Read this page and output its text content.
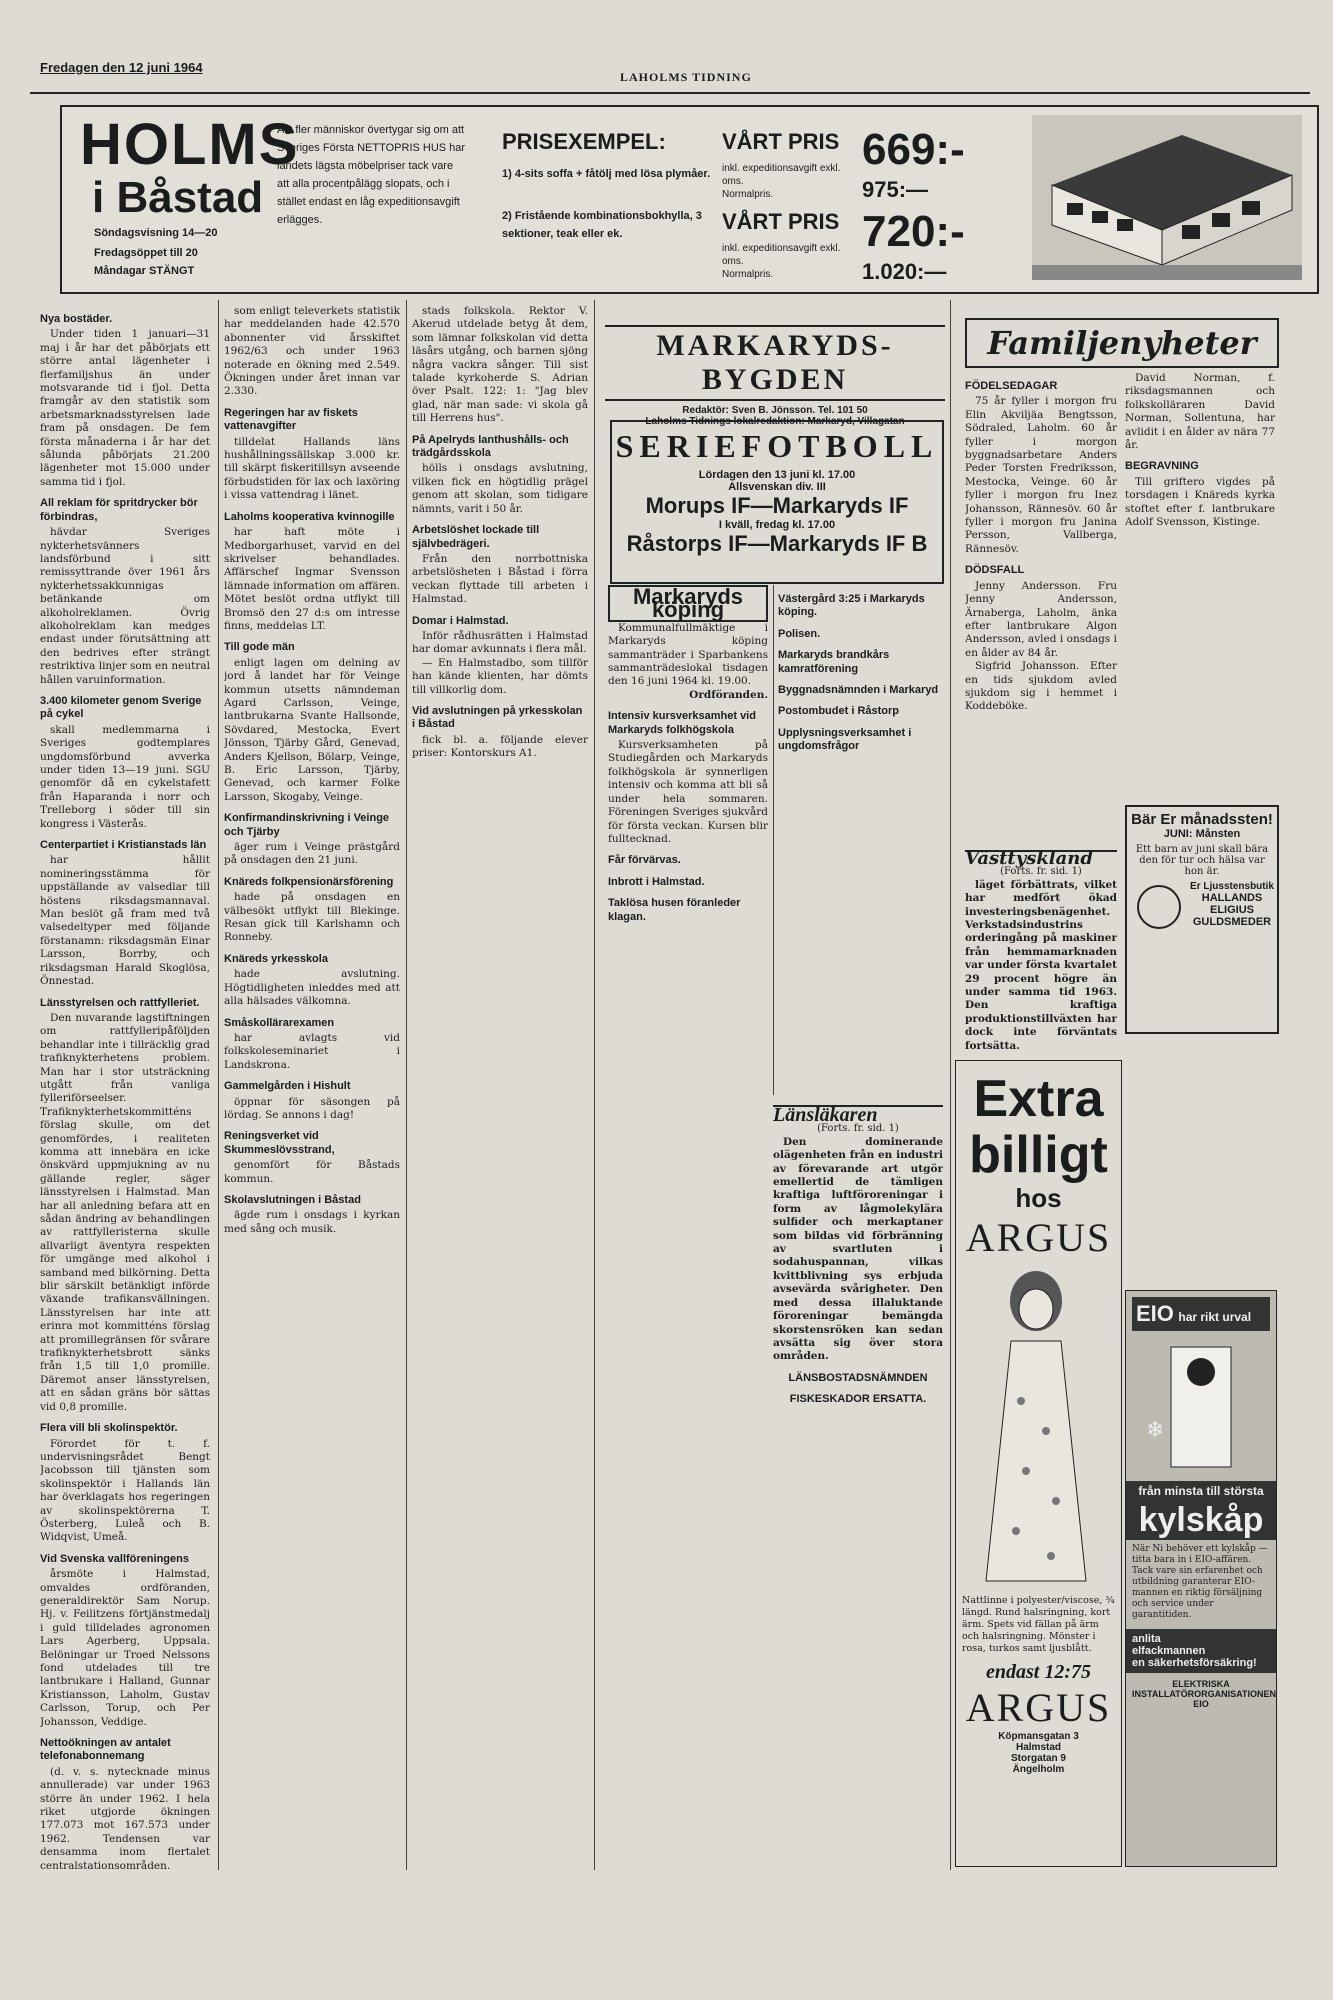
Fredagen den 12 juni 1964
LAHOLMS TIDNING
HOLMS
i Båstad
Söndagsvisning 14—20
Fredagsöppet till 20
Måndagar STÄNGT
Allt fler människor övertygar sig om att Sveriges Första NETTOPRIS HUS har landets lägsta möbelpriser tack vare att alla procentpålägg slopats, och i stället endast en låg expeditionsavgift erlägges.
PRISEXEMPEL:
1) 4-sits soffa + fåtölj med lösa plymåer.
2) Fristående kombinationsbokhylla, 3 sektioner, teak eller ek.
VÅRT PRIS
inkl. expeditionsavgift exkl. oms.
Normalpris.
VÅRT PRIS
inkl. expeditionsavgift exkl. oms.
Normalpris.
669:-
975:—
720:-
1.020:—
Nya bostäder.

Under tiden 1 januari—31 maj i år har det påbörjats ett större antal lägenheter i flerfamiljshus än under motsvarande tid i fjol. Detta framgår av den statistik som arbetsmarknadsstyrelsen lade fram på onsdagen. De fem första månaderna i år har det sålunda påbörjats 21.200 lägenheter mot 15.000 under samma tid i fjol.

All reklam för spritdrycker bör förbindras,

hävdar Sveriges nykterhetsvänners landsförbund i sitt remissyttrande över 1961 års nykterhetssakkunnigas betänkande om alkoholreklamen. Övrig alkoholreklam kan medges endast under förutsättning att den bedrives efter strängt restriktiva linjer som en neutral hållen varuinformation.

3.400 kilometer genom Sverige på cykel

skall medlemmarna i Sveriges godtemplares ungdomsförbund avverka under tiden 13—19 juni. SGU genomför då en cykelstafett från Haparanda i norr och Trelleborg i söder till sin kongress i Västerås.

Centerpartiet i Kristianstads län

har hållit nomineringsstämma för uppställande av valsedlar till höstens riksdagsmannaval. Man beslöt gå fram med två valsedeltyper med följande förstanamn: riksdagsmän Einar Larsson, Borrby, och riksdagsman Harald Skoglösa, Önnestad.

Länsstyrelsen och rattfylleriet.

Den nuvarande lagstiftningen om rattfylleripåföljden behandlar inte i tillräcklig grad trafiknykterhetens problem. Man har i stor utsträckning utgått från vanliga fylleriförseelser. Trafiknykterhetskommitténs förslag skulle, om det genomfördes, i realiteten komma att innebära en icke önskvärd uppmjukning av nu gällande regler, säger länsstyrelsen i Halmstad. Man har all anledning befara att en sådan ändring av behandlingen av rattfylleristerna skulle allvarligt äventyra respekten för umgänge med alkohol i samband med bilkörning. Detta blir särskilt betänkligt införde växande trafikansvällningen. Länsstyrelsen har inte att erinra mot kommitténs förslag att promillegränsen för svårare trafiknykterhetsbrott sänks från 1,5 till 1,0 promille. Däremot anser länsstyrelsen, att en sådan gräns bör sättas vid 0,8 promille.

Flera vill bli skolinspektör.

Förordet för t. f. undervisningsrådet Bengt Jacobsson till tjänsten som skolinspektör i Hallands län har överklagats hos regeringen av skolinspektörerna T. Österberg, Luleå och B. Widqvist, Umeå.

Vid Svenska vallföreningens

årsmöte i Halmstad, omvaldes ordföranden, generaldirektör Sam Norup. Hj. v. Feilitzens förtjänstmedalj i guld tilldelades agronomen Lars Agerberg, Uppsala. Belöningar ur Troed Nelssons fond utdelades till tre lantbrukare i Halland, Gunnar Kristiansson, Laholm, Gustav Carlsson, Torup, och Per Johansson, Veddige.

Nettoökningen av antalet telefonabonnemang

(d. v. s. nytecknade minus annullerade) var under 1963 större än under 1962. I hela riket utgjorde ökningen 177.073 mot 167.573 under 1962. Tendensen var densamma inom flertalet centralstationsområden.

som enligt televerkets statistik har meddelanden hade 42.570 abonnenter vid årsskiftet 1962/63 och under 1963 noterade en ökning med 2.549. Ökningen under året innan var 2.330.

Regeringen har av fiskets vattenavgifter

tilldelat Hallands läns hushållningssällskap 3.000 kr. till skärpt fiskeritillsyn avseende förbudstiden för lax och laxöring i vissa vattendrag i länet.

Laholms kooperativa kvinnogille

har haft möte i Medborgarhuset, varvid en del skrivelser behandlades. Affärschef Ingmar Svensson lämnade information om affären. Mötet beslöt ordna utflykt till Bromsö den 27 d:s om intresse finns, meddelas LT.

Till gode män

enligt lagen om delning av jord å landet har för Veinge kommun utsetts nämndeman Agard Carlsson, Veinge, lantbrukarna Svante Hallsonde, Sövdared, Mestocka, Evert Jönsson, Tjärby Gård, Genevad, Anders Kjellson, Bölarp, Veinge, B. Eric Larsson, Tjärby, Genevad, och karmer Folke Larsson, Skogaby, Veinge.

Konfirmandinskrivning i Veinge och Tjärby

äger rum i Veinge prästgård på onsdagen den 21 juni.

Knäreds folkpensionärsförening

hade på onsdagen en välbesökt utflykt till Blekinge. Resan gick till Karlshamn och Ronneby.

Knäreds yrkesskola

hade avslutning. Högtidligheten inleddes med att alla hälsades välkomna.

Småskollärarexamen

har avlagts vid folkskoleseminariet i Landskrona.

Gammelgården i Hishult

öppnar för säsongen på lördag. Se annons i dag!

Reningsverket vid Skummeslövsstrand,

genomfört för Båstads kommun.

Skolavslutningen i Båstad

ägde rum i onsdags i kyrkan med sång och musik.

stads folkskola. Rektor V. Akerud utdelade betyg åt dem, som lämnar folkskolan vid detta läsårs utgång, och barnen sjöng några vackra sånger. Till sist talade kyrkoherde S. Adrian över Psalt. 122: 1: "Jag blev glad, när man sade: vi skola gå till Herrens hus".

På Apelryds lanthushålls- och trädgårdsskola

hölls i onsdags avslutning, vilken fick en högtidlig prägel genom att skolan, som tidigare nämnts, varit i 50 år.

Arbetslöshet lockade till självbedrägeri.

Från den norrbottniska arbetslösheten i Båstad i förra veckan flyttade till arbeten i Halmstad.

Domar i Halmstad.

Inför rådhusrätten i Halmstad har domar avkunnats i flera mål.

— En Halmstadbo, som tillför han kände klienten, har dömts till villkorlig dom.

Vid avslutningen på yrkesskolan i Båstad

fick bl. a. följande elever priser: Kontorskurs A1.

MARKARYDS-BYGDEN
Redaktör: Sven B. Jönsson. Tel. 101 50
Laholms Tidnings lokalredaktion: Markaryd, Villagatan
SERIEFOTBOLL
Lördagen den 13 juni kl. 17.00
Allsvenskan div. III
Morups IF—Markaryds IF
I kväll, fredag kl. 17.00
Råstorps IF—Markaryds IF B
Markaryds köping

Kommunalfullmäktige i Markaryds köping sammanträder i Sparbankens sammanträdeslokal tisdagen den 16 juni 1964 kl. 19.00.

Ordföranden.
Intensiv kursverksamhet vid Markaryds folkhögskola

Kursverksamheten på Studiegården och Markaryds folkhögskola är synnerligen intensiv och komma att bli så under hela sommaren. Föreningen Sveriges sjukvård för första veckan. Kursen blir fulltecknad.

Får förvärvas.
Inbrott i Halmstad.
Taklösa husen föranleder klagan.
Västergård 3:25 i Markaryds köping.
Polisen.
Markaryds brandkårs kamratförening
Byggnadsnämnden i Markaryd
Postombudet i Råstorp
Upplysningsverksamhet i ungdomsfrågor
Länsläkaren
(Forts. fr. sid. 1)

Den dominerande olägenheten från en industri av förevarande art utgör emellertid de tämligen kraftiga luftföroreningar i form av lågmolekylära sulfider och merkaptaner som bildas vid förbränning av svartluten i sodahuspannan, vilkas kvittblivning sys erbjuda avsevärda svårigheter. Den med dessa illaluktande föroreningar bemängda skorstensröken kan sedan avsätta sig över stora områden.

LÄNSBOSTADSNÄMNDEN
FISKESKADOR ERSATTA.
Familjenyheter
FÖDELSEDAGAR

75 år fyller i morgon fru Elin Akviljäa Bengtsson, Södraled, Laholm. 60 år fyller i morgon byggnadsarbetare Anders Peder Torsten Fredriksson, Mestocka, Veinge. 60 år fyller i morgon fru Inez Johansson, Rännesöv. 60 år fyller i morgon fru Janina Persson, Vallberga, Rännesöv.

DÖDSFALL

Jenny Andersson. Fru Jenny Andersson, Ärnaberga, Laholm, änka efter lantbrukare Algon Andersson, avled i onsdags i en ålder av 84 år.

Sigfrid Johansson. Efter en tids sjukdom avled sjukdom sig i hemmet i Koddeböke.

David Norman, f. riksdagsmannen och folkskolläraren David Norman, Sollentuna, har avlidit i en ålder av nära 77 år.

BEGRAVNING

Till griftero vigdes på torsdagen i Knäreds kyrka stoftet efter f. lantbrukare Adolf Svensson, Kistinge.

Västtyskland
(Forts. fr. sid. 1)

läget förbättrats, vilket har medfört ökad investeringsbenägenhet. Verkstadsindustrins orderingång på maskiner från hemmamarknaden var under första kvartalet 29 procent högre än under samma tid 1963. Den kraftiga produktionstillväxten har dock inte förväntats fortsätta.

Bär Er månadssten!
JUNI: Månsten
Ett barn av juni skall bära den för tur och hälsa var hon är.
Er Ljusstensbutik
HALLANDS
ELIGIUS
GULDSMEDER
Extra
billigt
hos
ARGUS
Nattlinne i polyester/viscose, ¾ längd. Rund halsringning, kort ärm. Spets vid fällan på ärm och halsringning. Mönster i rosa, turkos samt ljusblått.
endast 12:75
ARGUS
Köpmansgatan 3
Halmstad
Storgatan 9
Ängelholm
EIO har rikt urval
❄
från minsta till största
kylskåp
När Ni behöver ett kylskåp — titta bara in i EIO-affären. Tack vare sin erfarenhet och utbildning garanterar EIO-mannen en riktig försäljning och service under garantitiden.
anlita
elfackmannen
en säkerhetsförsäkring!
ELEKTRISKA INSTALLATÖRORGANISATIONEN EIO
